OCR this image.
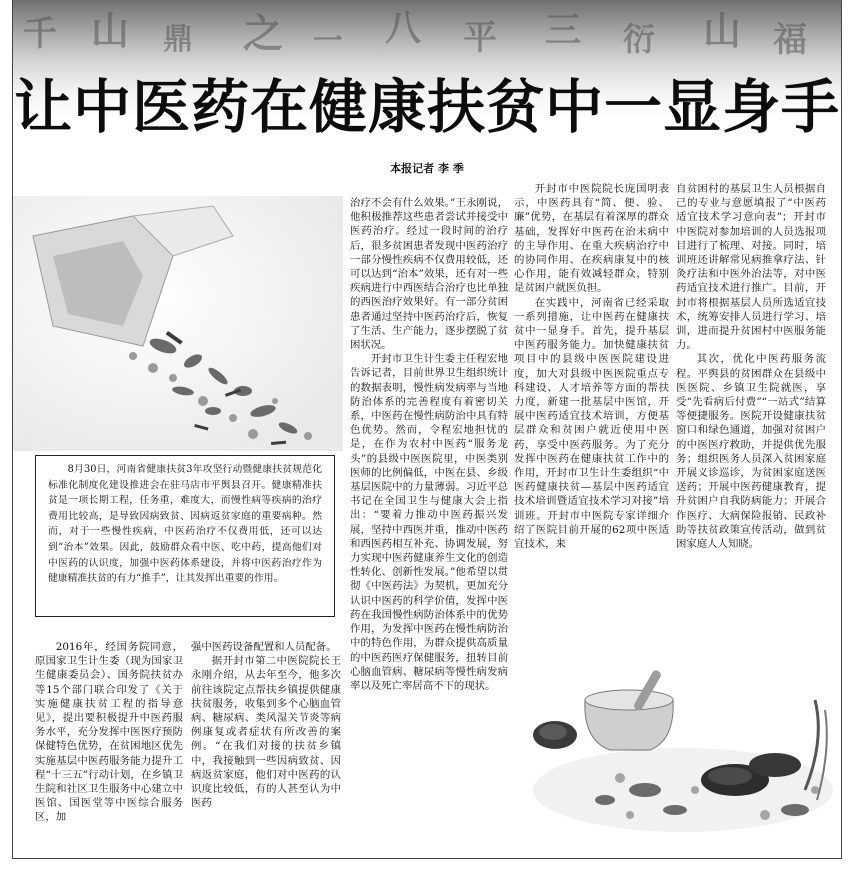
千 山 鼎 之 一 八 平 三 衍 山 福
让中医药在健康扶贫中一显身手
本报记者 李 季

8月30日，河南省健康扶贫3年攻坚行动暨健康扶贫规范化标准化制度化建设推进会在驻马店市平舆县召开。健康精准扶贫是一项长期工程，任务重，难度大，而慢性病等疾病的治疗费用比较高，是导致因病致贫、因病返贫家庭的重要病种。然而，对于一些慢性疾病，中医药治疗不仅费用低，还可以达到“治本”效果。因此，鼓励群众看中医、吃中药，提高他们对中医药的认识度，加强中医药体系建设，并将中医药治疗作为健康精准扶贫的有力“推手”，让其发挥出重要的作用。

2016年，经国务院同意，原国家卫生计生委（现为国家卫生健康委员会）、国务院扶贫办等15个部门联合印发了《关于实施健康扶贫工程的指导意见》，提出要积极提升中医药服务水平，充分发挥中医医疗预防保健特色优势，在贫困地区优先实施基层中医药服务能力提升工程“十三五”行动计划，在乡镇卫生院和社区卫生服务中心建立中医馆、国医堂等中医综合服务区，加

强中医药设备配置和人员配备。

据开封市第二中医院院长王永刚介绍，从去年至今，他多次前往该院定点帮扶乡镇提供健康扶贫服务，收集到多个心脑血管病、糖尿病、类风湿关节炎等病例康复或者症状有所改善的案例。“在我们对接的扶贫乡镇中，我接触到一些因病致贫、因病返贫家庭，他们对中医药的认识度比较低，有的人甚至认为中医药

治疗不会有什么效果。”王永刚说，他积极推荐这些患者尝试并接受中医药治疗。经过一段时间的治疗后，很多贫困患者发现中医药治疗一部分慢性疾病不仅费用较低，还可以达到“治本”效果，还有对一些疾病进行中西医结合治疗也比单独的西医治疗效果好。有一部分贫困患者通过坚持中医药治疗后，恢复了生活、生产能力，逐步摆脱了贫困状况。

开封市卫生计生委主任程宏地告诉记者，目前世界卫生组织统计的数据表明，慢性病发病率与当地防治体系的完善程度有着密切关系，中医药在慢性病防治中具有特色优势。然而，令程宏地担忧的是，在作为农村中医药“服务龙头”的县级中医医院里，中医类别医师的比例偏低，中医在县、乡级基层医院中的力量薄弱。习近平总书记在全国卫生与健康大会上指出：“要着力推动中医药振兴发展，坚持中西医并重，推动中医药和西医药相互补充、协调发展，努力实现中医药健康养生文化的创造性转化、创新性发展。”他希望以贯彻《中医药法》为契机，更加充分认识中医药的科学价值，发挥中医药在我国慢性病防治体系中的优势作用，为发挥中医药在慢性病防治中的特色作用，为群众提供高质量的中医药医疗保健服务，扭转目前心脑血管病、糖尿病等慢性病发病率以及死亡率居高不下的现状。

开封市中医院院长庞国明表示，中医药具有“简、便、验、廉”优势，在基层有着深厚的群众基础，发挥好中医药在治未病中的主导作用、在重大疾病治疗中的协同作用、在疾病康复中的核心作用，能有效减轻群众，特别是贫困户就医负担。

在实践中，河南省已经采取一系列措施，让中医药在健康扶贫中一显身手。首先，提升基层中医药服务能力。加快健康扶贫项目中的县级中医医院建设进度，加大对县级中医医院重点专科建设、人才培养等方面的帮扶力度，新建一批基层中医馆，开展中医药适宜技术培训，方便基层群众和贫困户就近使用中医药，享受中医药服务。为了充分发挥中医药在健康扶贫工作中的作用，开封市卫生计生委组织“中医药健康扶贫—基层中医药适宜技术培训暨适宜技术学习对接”培训班。开封市中医院专家详细介绍了医院目前开展的62项中医适宜技术，来

自贫困村的基层卫生人员根据自己的专业与意愿填报了“中医药适宜技术学习意向表”；开封市中医院对参加培训的人员选报项目进行了梳理、对接。同时，培训班还讲解常见病推拿疗法、针灸疗法和中医外治法等，对中医药适宜技术进行推广。目前，开封市将根据基层人员所选适宜技术，统筹安排人员进行学习、培训，进而提升贫困村中医服务能力。

其次，优化中医药服务流程。平舆县的贫困群众在县级中医医院、乡镇卫生院就医，享受“先看病后付费”“一站式”结算等便捷服务。医院开设健康扶贫窗口和绿色通道，加强对贫困户的中医医疗救助，并提供优先服务；组织医务人员深入贫困家庭开展义诊巡诊，为贫困家庭送医送药；开展中医药健康教育，提升贫困户自我防病能力；开展合作医疗、大病保险报销、民政补助等扶贫政策宣传活动，做到贫困家庭人人知晓。
